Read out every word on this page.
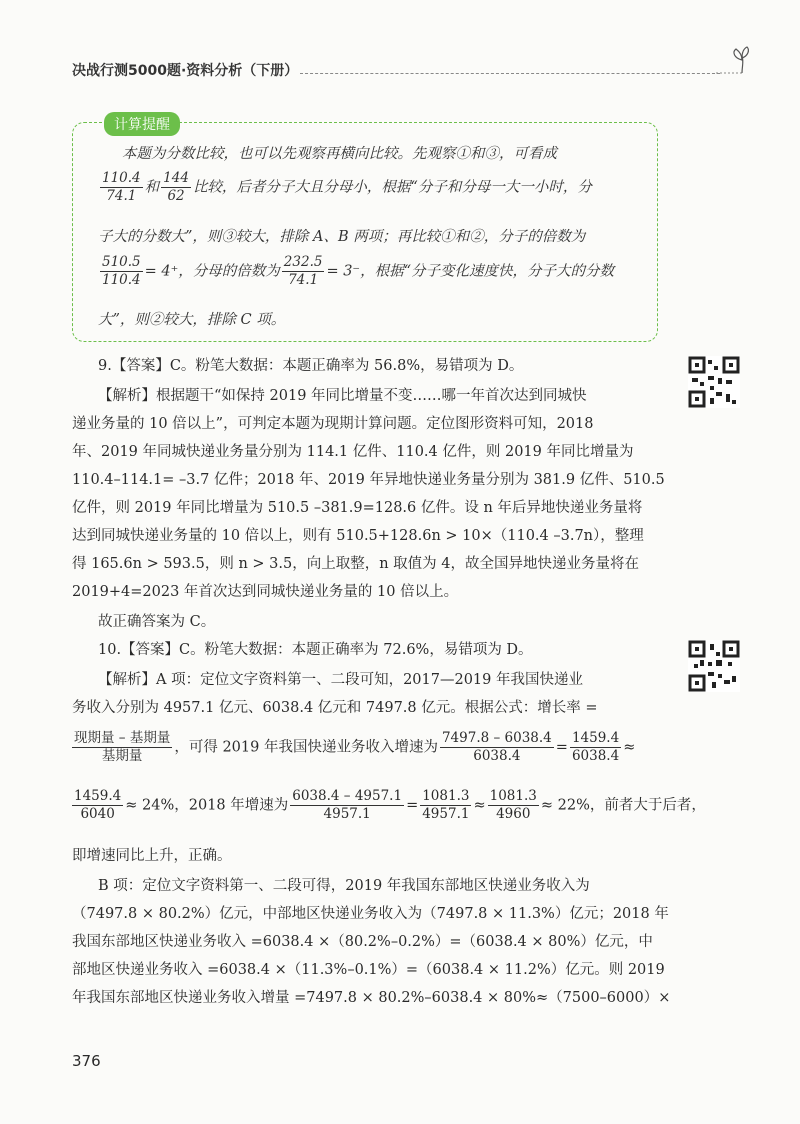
决战行测5000题·资料分析（下册）
计算提醒
本题为分数比较，也可以先观察再横向比较。先观察①和③，可看成
$\frac{110.4}{74.1}$ 和 $\frac{144}{62}$ 比较，后者分子大且分母小，根据“分子和分母一大一小时，分
子大的分数大”，则③较大，排除 A、B 两项；再比较①和②，分子的倍数为
$\frac{510.5}{110.4} = 4^+$，分母的倍数为 $\frac{232.5}{74.1} = 3^-$，根据“分子变化速度快，分子大的分数
大”，则②较大，排除 C 项。
9.【答案】C。粉笔大数据：本题正确率为 56.8%，易错项为 D。
【解析】根据题干“如保持 2019 年同比增量不变……哪一年首次达到同城快
递业务量的 10 倍以上”，可判定本题为现期计算问题。定位图形资料可知，2018
年、2019 年同城快递业务量分别为 114.1 亿件、110.4 亿件，则 2019 年同比增量为
110.4–114.1= –3.7 亿件；2018 年、2019 年异地快递业务量分别为 381.9 亿件、510.5
亿件，则 2019 年同比增量为 510.5 –381.9=128.6 亿件。设 n 年后异地快递业务量将
达到同城快递业务量的 10 倍以上，则有 510.5+128.6n > 10×（110.4 –3.7n），整理
得 165.6n > 593.5，则 n > 3.5，向上取整，n 取值为 4，故全国异地快递业务量将在
2019+4=2023 年首次达到同城快递业务量的 10 倍以上。
故正确答案为 C。
10.【答案】C。粉笔大数据：本题正确率为 72.6%，易错项为 D。
【解析】A 项：定位文字资料第一、二段可知，2017—2019 年我国快递业
务收入分别为 4957.1 亿元、6038.4 亿元和 7497.8 亿元。根据公式：增长率 =
$\frac{\text{现期量 – 基期量}}{\text{基期量}}$ ，可得 2019 年我国快递业务收入增速为 $\frac{7497.8 - 6038.4}{6038.4} = \frac{1459.4}{6038.4}$ ≈
$\frac{1459.4}{6040} \approx 24\%$，2018 年增速为 $\frac{6038.4 - 4957.1}{4957.1} = \frac{1081.3}{4957.1} \approx \frac{1081.3}{4960} \approx 22\%$，前者大于后者，
即增速同比上升，正确。
B 项：定位文字资料第一、二段可得，2019 年我国东部地区快递业务收入为
（7497.8 × 80.2%）亿元，中部地区快递业务收入为（7497.8 × 11.3%）亿元；2018 年
我国东部地区快递业务收入 =6038.4 ×（80.2%–0.2%）=（6038.4 × 80%）亿元，中
部地区快递业务收入 =6038.4 ×（11.3%–0.1%）=（6038.4 × 11.2%）亿元。则 2019
年我国东部地区快递业务收入增量 =7497.8 × 80.2%–6038.4 × 80%≈（7500–6000）×
376
